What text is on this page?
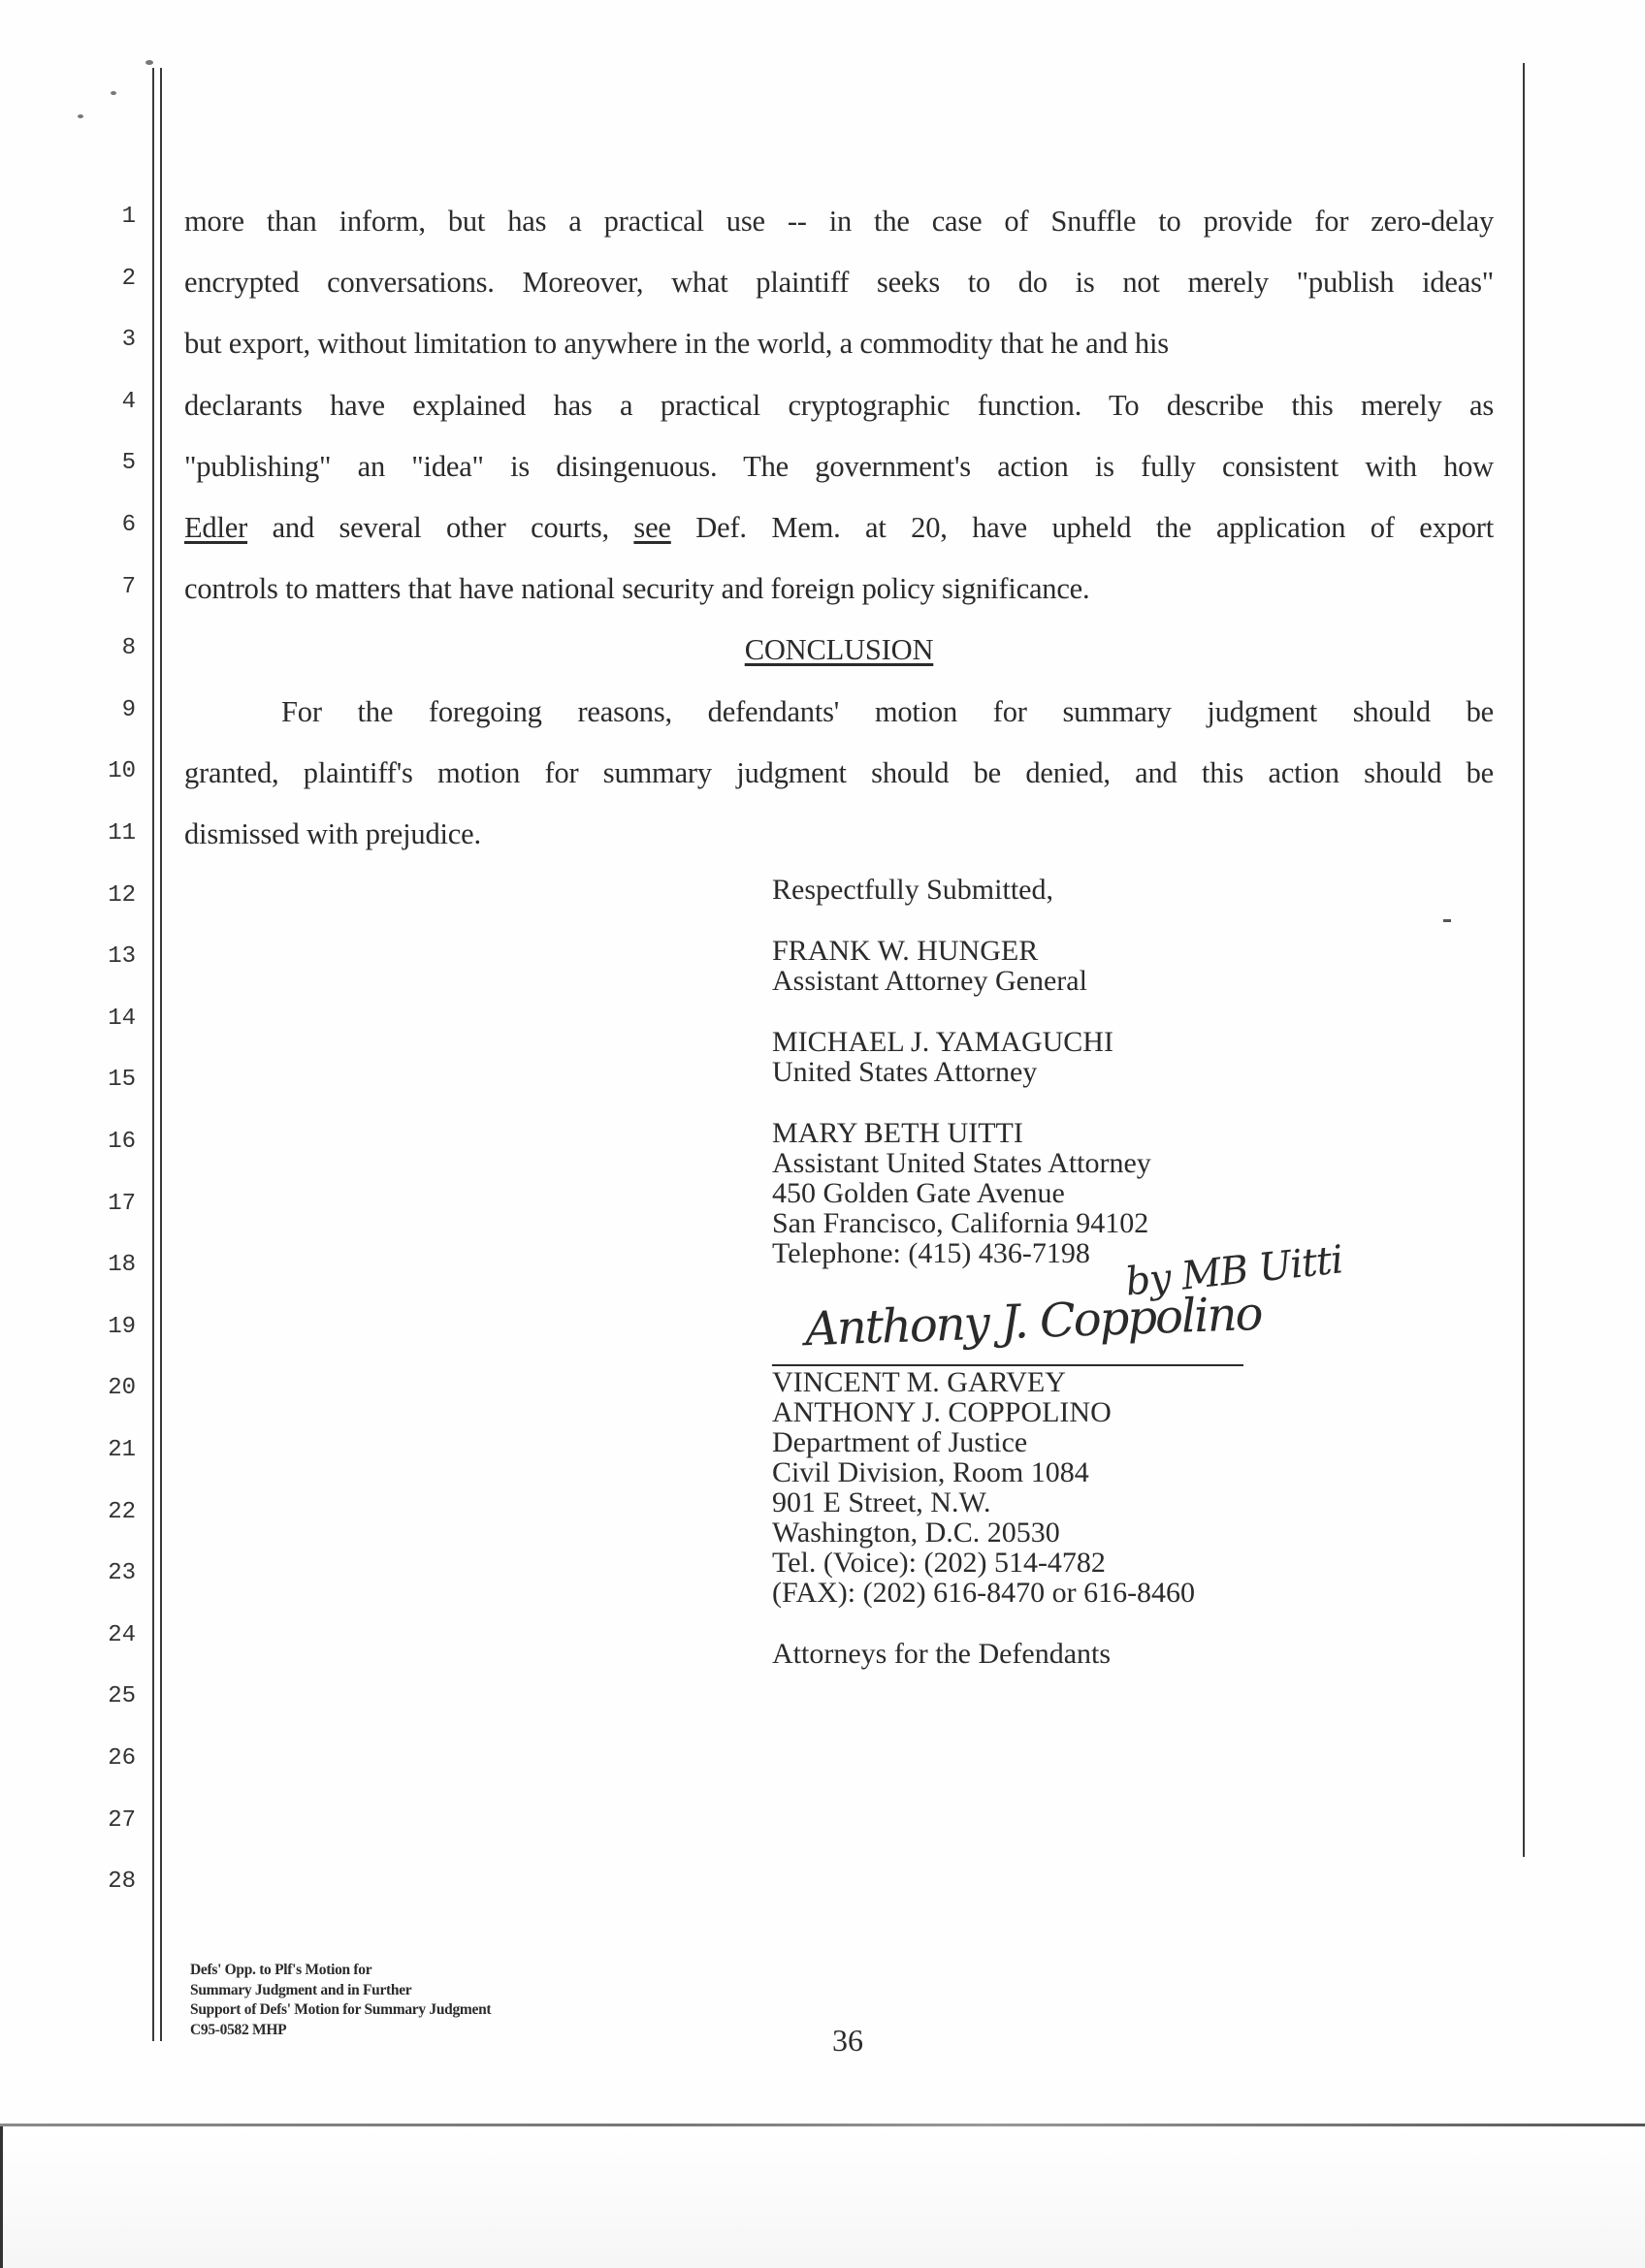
1
2
3
4
5
6
7
8
9
10
11
12
13
14
15
16
17
18
19
20
21
22
23
24
25
26
27
28
more than inform, but has a practical use -- in the case of Snuffle to provide for zero-delay
encrypted conversations. Moreover, what plaintiff seeks to do is not merely "publish ideas"
but export, without limitation to anywhere in the world, a commodity that he and his
declarants have explained has a practical cryptographic function. To describe this merely as
"publishing" an "idea" is disingenuous. The government's action is fully consistent with how
Edler and several other courts, see Def. Mem. at 20, have upheld the application of export
controls to matters that have national security and foreign policy significance.
CONCLUSION
For the foregoing reasons, defendants' motion for summary judgment should be
granted, plaintiff's motion for summary judgment should be denied, and this action should be
dismissed with prejudice.
Respectfully Submitted,
FRANK W. HUNGER
Assistant Attorney General
MICHAEL J. YAMAGUCHI
United States Attorney
MARY BETH UITTI
Assistant United States Attorney
450 Golden Gate Avenue
San Francisco, California 94102
Telephone: (415) 436-7198 by MB Uitti
Anthony J. Coppolino
VINCENT M. GARVEY
ANTHONY J. COPPOLINO
Department of Justice
Civil Division, Room 1084
901 E Street, N.W.
Washington, D.C. 20530
Tel. (Voice): (202) 514-4782
(FAX): (202) 616-8470 or 616-8460
Attorneys for the Defendants
Defs' Opp. to Plf's Motion for
Summary Judgment and in Further
Support of Defs' Motion for Summary Judgment
C95-0582 MHP	36
